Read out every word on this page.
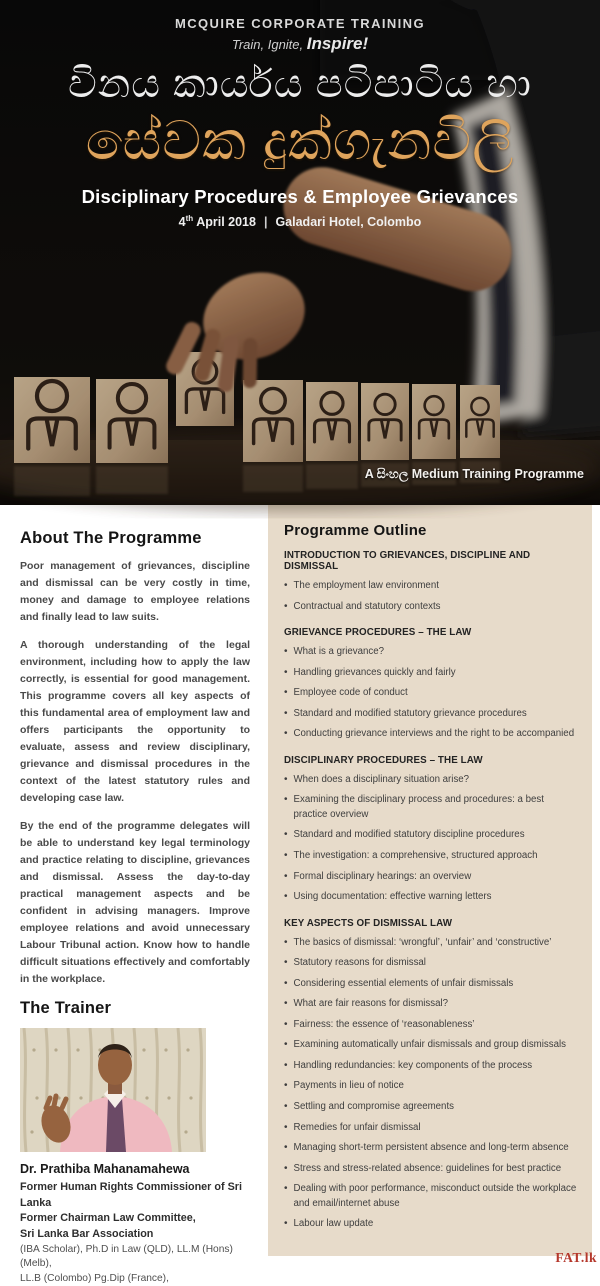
MCQUIRE CORPORATE TRAINING
Train, Ignite, Inspire!
විනය කාර්යය පටිපාටිය හා
සේවක දුක්ගැනවිලි
Disciplinary Procedures & Employee Grievances
4th April 2018 | Galadari Hotel, Colombo
A සිංහල Medium Training Programme
About The Programme

Poor management of grievances, discipline and dismissal can be very costly in time, money and damage to employee relations and finally lead to law suits.

A thorough understanding of the legal environment, including how to apply the law correctly, is essential for good management. This programme covers all key aspects of this fundamental area of employment law and offers participants the opportunity to evaluate, assess and review disciplinary, grievance and dismissal procedures in the context of the latest statutory rules and developing case law.

By the end of the programme delegates will be able to understand key legal terminology and practice relating to discipline, grievances and dismissal. Assess the day-to-day practical management aspects and be confident in advising managers. Improve employee relations and avoid unnecessary Labour Tribunal action. Know how to handle difficult situations effectively and comfortably in the workplace.

The Trainer
Dr. Prathiba Mahanamahewa
Former Human Rights Commissioner of Sri Lanka
Former Chairman Law Committee,
Sri Lanka Bar Association
(IBA Scholar), Ph.D in Law (QLD), LL.M (Hons) (Melb),
LL.B (Colombo) Pg.Dip (France),
Programme Outline
INTRODUCTION TO GRIEVANCES, DISCIPLINE AND DISMISSAL
• The employment law environment
• Contractual and statutory contexts
GRIEVANCE PROCEDURES – THE LAW
• What is a grievance?
• Handling grievances quickly and fairly
• Employee code of conduct
• Standard and modified statutory grievance procedures
• Conducting grievance interviews and the right to be accompanied
DISCIPLINARY PROCEDURES – THE LAW
• When does a disciplinary situation arise?
• Examining the disciplinary process and procedures: a best practice overview
• Standard and modified statutory discipline procedures
• The investigation: a comprehensive, structured approach
• Formal disciplinary hearings: an overview
• Using documentation: effective warning letters
KEY ASPECTS OF DISMISSAL LAW
• The basics of dismissal: ‘wrongful’, ‘unfair’ and ‘constructive’
• Statutory reasons for dismissal
• Considering essential elements of unfair dismissals
• What are fair reasons for dismissal?
• Fairness: the essence of ‘reasonableness’
• Examining automatically unfair dismissals and group dismissals
• Handling redundancies: key components of the process
• Payments in lieu of notice
• Settling and compromise agreements
• Remedies for unfair dismissal
• Managing short-term persistent absence and long-term absence
• Stress and stress-related absence: guidelines for best practice
• Dealing with poor performance, misconduct outside the workplace and email/internet abuse
• Labour law update
FAT.lk
